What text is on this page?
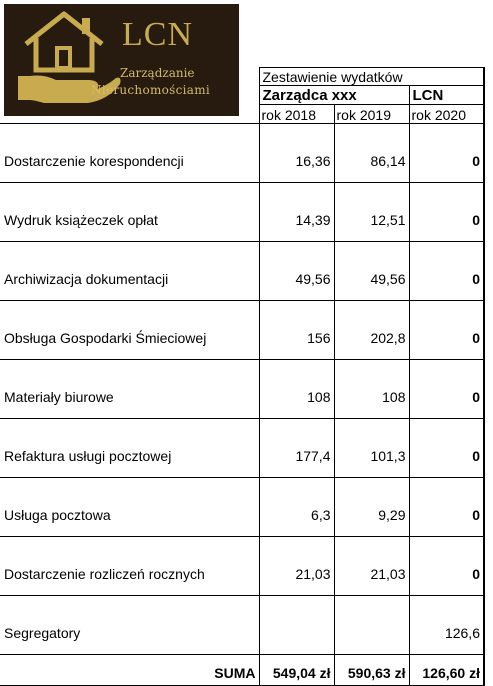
LCN
Zarządzanie
Nieruchomościami
	Zestawienie wydatków		
	Zarządca xxx		LCN
	rok 2018	rok 2019	rok 2020
Dostarczenie korespondencji	16,36	86,14	0
Wydruk książeczek opłat	14,39	12,51	0
Archiwizacja dokumentacji	49,56	49,56	0
Obsługa Gospodarki Śmieciowej	156	202,8	0
Materiały biurowe	108	108	0
Refaktura usługi pocztowej	177,4	101,3	0
Usługa pocztowa	6,3	9,29	0
Dostarczenie rozliczeń rocznych	21,03	21,03	0
Segregatory			126,6
SUMA	549,04 zł	590,63 zł	126,60 zł
